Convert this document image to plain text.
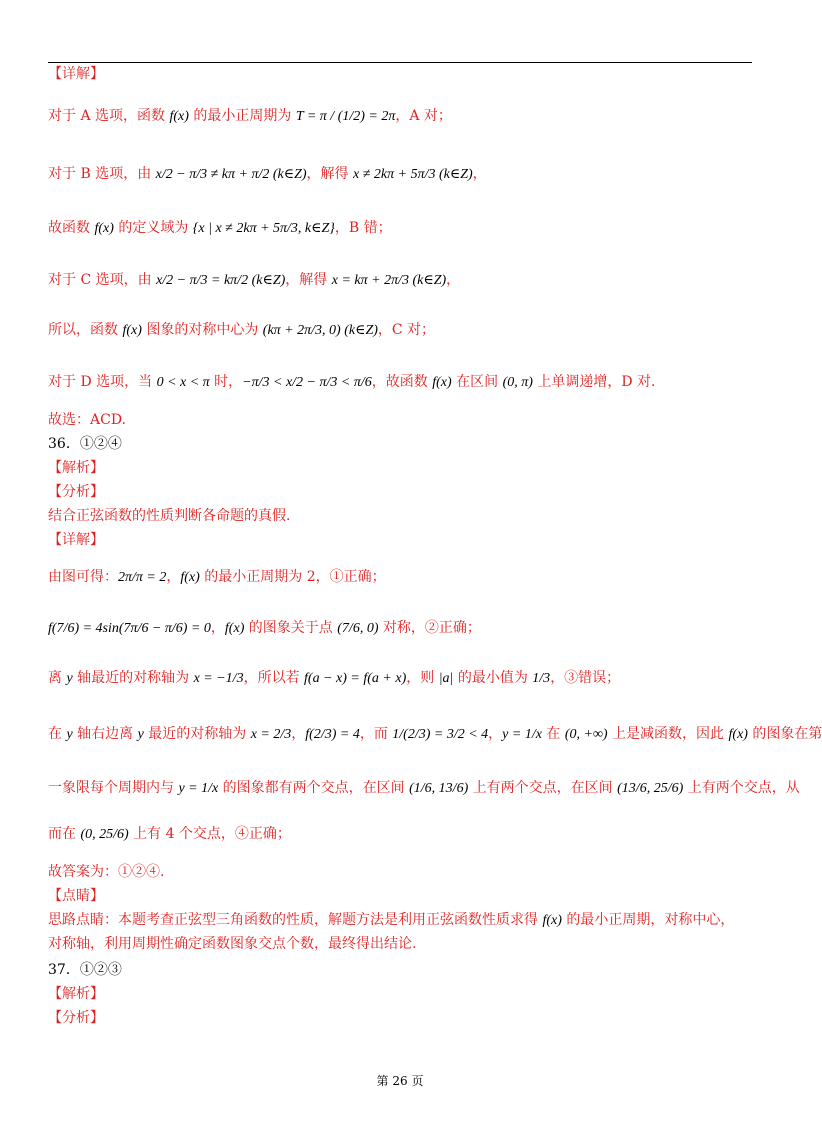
【详解】
对于 A 选项，函数 f(x) 的最小正周期为 T = π / (1/2) = 2π，A 对；
对于 B 选项，由 x/2 − π/3 ≠ kπ + π/2 (k∈Z)，解得 x ≠ 2kπ + 5π/3 (k∈Z)，
故函数 f(x) 的定义域为 {x | x ≠ 2kπ + 5π/3, k∈Z}，B 错；
对于 C 选项，由 x/2 − π/3 = kπ/2 (k∈Z)，解得 x = kπ + 2π/3 (k∈Z)，
所以，函数 f(x) 图象的对称中心为 (kπ + 2π/3, 0) (k∈Z)，C 对；
对于 D 选项，当 0 < x < π 时，−π/3 < x/2 − π/3 < π/6，故函数 f(x) 在区间 (0, π) 上单调递增，D 对.
故选：ACD.
36．①②④
【解析】
【分析】
结合正弦函数的性质判断各命题的真假.
【详解】
由图可得：2π/π = 2，f(x) 的最小正周期为 2，①正确；
f(7/6) = 4sin(7π/6 − π/6) = 0，f(x) 的图象关于点 (7/6, 0) 对称，②正确；
离 y 轴最近的对称轴为 x = −1/3，所以若 f(a − x) = f(a + x)，则 |a| 的最小值为 1/3，③错误；
在 y 轴右边离 y 最近的对称轴为 x = 2/3，f(2/3) = 4，而 1/(2/3) = 3/2 < 4，y = 1/x 在 (0, +∞) 上是减函数，因此 f(x) 的图象在第
一象限每个周期内与 y = 1/x 的图象都有两个交点，在区间 (1/6, 13/6) 上有两个交点，在区间 (13/6, 25/6) 上有两个交点，从
而在 (0, 25/6) 上有 4 个交点，④正确；
故答案为：①②④.
【点睛】
思路点睛：本题考查正弦型三角函数的性质，解题方法是利用正弦函数性质求得 f(x) 的最小正周期，对称中心，
对称轴，利用周期性确定函数图象交点个数，最终得出结论.
37．①②③
【解析】
【分析】
第 26 页
